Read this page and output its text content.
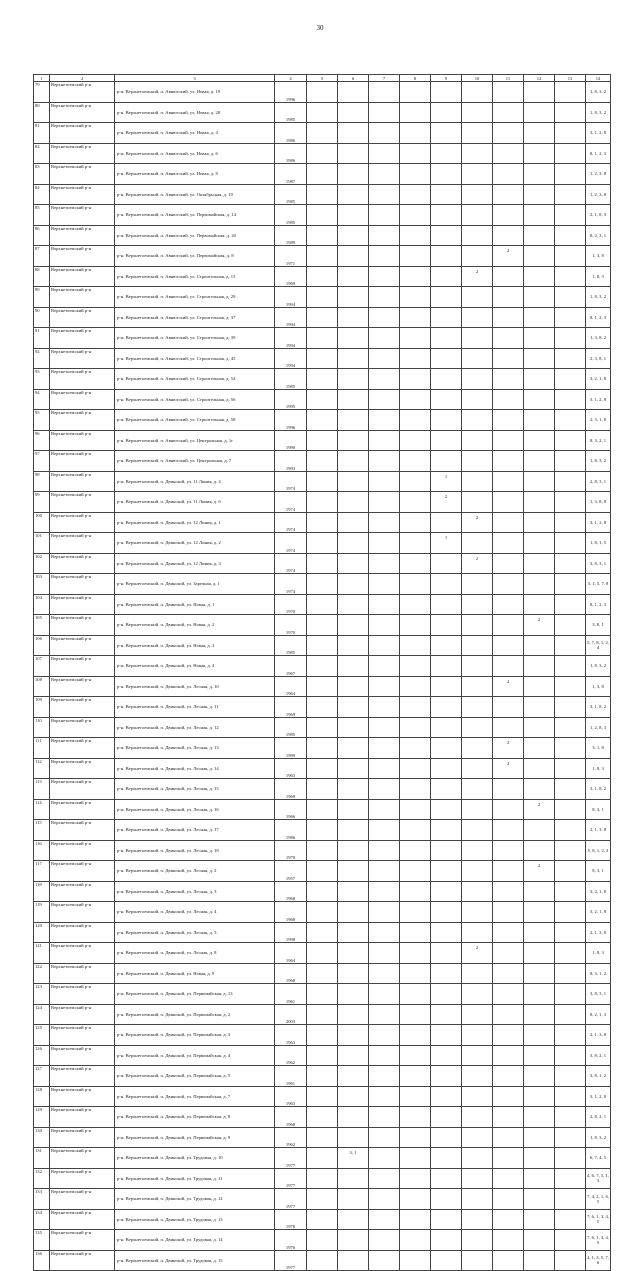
30
1	2	3	4	5	6	7	8	9	10	11	12	13	14
79	Верхнетоемский р-н	р-н. Верхнетоемский, п. Авнюгский, ул. Новая, д. 19	1996										1, 8, 3, 2
80	Верхнетоемский р-н	р-н. Верхнетоемский, п. Авнюгский, ул. Новая, д. 28	1985										1, 8, 3, 2
81	Верхнетоемский р-н	р-н. Верхнетоемский, п. Авнюгский, ул. Новая, д. 4	1986										3, 1, 2, 8
82	Верхнетоемский р-н	р-н. Верхнетоемский, п. Авнюгский, ул. Новая, д. 6	1986										8, 1, 2, 3
83	Верхнетоемский р-н	р-н. Верхнетоемский, п. Авнюгский, ул. Новая, д. 8	1987										1, 2, 3, 8
84	Верхнетоемский р-н	р-н. Верхнетоемский, п. Авнюгский, ул. Октябрьская, д. 19	1985										1, 2, 3, 8
85	Верхнетоемский р-н	р-н. Верхнетоемский, п. Авнюгский, ул. Первомайская, д. 14	1985										2, 1, 8, 3
86	Верхнетоемский р-н	р-н. Верхнетоемский, п. Авнюгский, ул. Первомайская, д. 20	1989										8, 2, 3, 1
87	Верхнетоемский р-н	р-н. Верхнетоемский, п. Авнюгский, ул. Первомайская, д. 8	1971							2			1, 3, 8
88	Верхнетоемский р-н	р-н. Верхнетоемский, п. Авнюгский, ул. Строительная, д. 15	1969						2				1, 8, 3
89	Верхнетоемский р-н	р-н. Верхнетоемский, п. Авнюгский, ул. Строительная, д. 29	1994										1, 8, 3, 2
90	Верхнетоемский р-н	р-н. Верхнетоемский, п. Авнюгский, ул. Строительная, д. 37	1994										8, 1, 2, 3
91	Верхнетоемский р-н	р-н. Верхнетоемский, п. Авнюгский, ул. Строительная, д. 39	1994										1, 3, 8, 2
92	Верхнетоемский р-н	р-н. Верхнетоемский, п. Авнюгский, ул. Строительная, д. 45	1994										2, 3, 8, 1
93	Верхнетоемский р-н	р-н. Верхнетоемский, п. Авнюгский, ул. Строительная, д. 54	1985										3, 2, 1, 8
94	Верхнетоемский р-н	р-н. Верхнетоемский, п. Авнюгский, ул. Строительная, д. 56	1995										3, 1, 2, 8
95	Верхнетоемский р-н	р-н. Верхнетоемский, п. Авнюгский, ул. Строительная, д. 58	1996										2, 3, 1, 8
96	Верхнетоемский р-н	р-н. Верхнетоемский, п. Авнюгский, ул. Центральная, д. 1г	1990										8, 3, 2, 1
97	Верхнетоемский р-н	р-н. Верхнетоемский, п. Авнюгский, ул. Центральная, д. 7	1993										1, 8, 3, 2
98	Верхнетоемский р-н	р-н. Верхнетоемский, п. Двинской, ул. 11 Линия, д. 4	1974					1					2, 8, 3, 1
99	Верхнетоемский р-н	р-н. Верхнетоемский, п. Двинской, ул. 11 Линия, д. 6	1974					2					1, 3, 8, 8
100	Верхнетоемский р-н	р-н. Верхнетоемский, п. Двинской, ул. 12 Линия, д. 1	1974						2				3, 1, 2, 8
101	Верхнетоемский р-н	р-н. Верхнетоемский, п. Двинской, ул. 12 Линия, д. 2	1974					1					1, 8, 1, 5
102	Верхнетоемский р-н	р-н. Верхнетоемский, п. Двинской, ул. 12 Линия, д. 3	1974						2				3, 8, 3, 1
103	Верхнетоемский р-н	р-н. Верхнетоемский, п. Двинской, ул. Заречная, д. 1	1974										3, 1, 5, 7, 8
104	Верхнетоемский р-н	р-н. Верхнетоемский, п. Двинской, ул. Новая, д. 1	1970										8, 1, 2, 3
105	Верхнетоемский р-н	р-н. Верхнетоемский, п. Двинской, ул. Новая, д. 2	1970								2		3, 8, 1
106	Верхнетоемский р-н	р-н. Верхнетоемский, п. Двинской, ул. Новая, д. 3	1985										5, 7, 8, 1, 2, 4
107	Верхнетоемский р-н	р-н. Верхнетоемский, п. Двинской, ул. Новая, д. 4	1967										1, 8, 3, 2
108	Верхнетоемский р-н	р-н. Верхнетоемский, п. Двинской, ул. Лесная, д. 10	1964							2			1, 3, 8
109	Верхнетоемский р-н	р-н. Верхнетоемский, п. Двинской, ул. Лесная, д. 11	1969										3, 1, 8, 2
110	Верхнетоемский р-н	р-н. Верхнетоемский, п. Двинской, ул. Лесная, д. 12	1985										1, 2, 8, 3
111	Верхнетоемский р-н	р-н. Верхнетоемский, п. Двинской, ул. Лесная, д. 13	1999							2			3, 1, 8
112	Верхнетоемский р-н	р-н. Верхнетоемский, п. Двинской, ул. Лесная, д. 14	1963							2			1, 8, 3
113	Верхнетоемский р-н	р-н. Верхнетоемский, п. Двинской, ул. Лесная, д. 15	1969										3, 1, 8, 2
114	Верхнетоемский р-н	р-н. Верхнетоемский, п. Двинской, ул. Лесная, д. 16	1966								2		8, 3, 1
115	Верхнетоемский р-н	р-н. Верхнетоемский, п. Двинской, ул. Лесная, д. 17	1986										2, 1, 3, 8
116	Верхнетоемский р-н	р-н. Верхнетоемский, п. Двинской, ул. Лесная, д. 18	1970										5, 8, 1, 2, 3
117	Верхнетоемский р-н	р-н. Верхнетоемский, п. Двинской, ул. Лесная, д. 2	1957								2		8, 3, 1
118	Верхнетоемский р-н	р-н. Верхнетоемский, п. Двинской, ул. Лесная, д. 3	1968										3, 2, 1, 8
119	Верхнетоемский р-н	р-н. Верхнетоемский, п. Двинской, ул. Лесная, д. 4	1968										3, 2, 1, 8
120	Верхнетоемский р-н	р-н. Верхнетоемский, п. Двинской, ул. Лесная, д. 5	1998										2, 1, 3, 8
121	Верхнетоемский р-н	р-н. Верхнетоемский, п. Двинской, ул. Лесная, д. 8	1964						2				1, 8, 3
122	Верхнетоемский р-н	р-н. Верхнетоемский, п. Двинской, ул. Новая, д. 9	1968										8, 3, 1, 2
123	Верхнетоемский р-н	р-н. Верхнетоемский, п. Двинской, ул. Первомайская, д. 13	1961										3, 8, 3, 1
124	Верхнетоемский р-н	р-н. Верхнетоемский, п. Двинской, ул. Первомайская, д. 2	2003										8, 2, 1, 3
125	Верхнетоемский р-н	р-н. Верхнетоемский, п. Двинской, ул. Первомайская, д. 3	1963										2, 1, 3, 8
126	Верхнетоемский р-н	р-н. Верхнетоемский, п. Двинской, ул. Первомайская, д. 4	1962										3, 8, 2, 1
127	Верхнетоемский р-н	р-н. Верхнетоемский, п. Двинской, ул. Первомайская, д. 5	1961										3, 8, 1, 2
128	Верхнетоемский р-н	р-н. Верхнетоемский, п. Двинской, ул. Первомайская, д. 7	1963										3, 1, 2, 8
129	Верхнетоемский р-н	р-н. Верхнетоемский, п. Двинской, ул. Первомайская, д. 8	1968										2, 8, 2, 1
130	Верхнетоемский р-н	р-н. Верхнетоемский, п. Двинской, ул. Первомайская, д. 9	1962										1, 8, 3, 2
131	Верхнетоемский р-н	р-н. Верхнетоемский, п. Двинской, ул. Трудовая, д. 10	1977		3, 1								6, 7, 4, 5
132	Верхнетоемский р-н	р-н. Верхнетоемский, п. Двинской, ул. Трудовая, д. 11	1977										4, 6, 7, 5, 1, 3
133	Верхнетоемский р-н	р-н. Верхнетоемский, п. Двинской, ул. Трудовая, д. 12	1977										7, 4, 2, 1, 6, 5
134	Верхнетоемский р-н	р-н. Верхнетоемский, п. Двинской, ул. Трудовая, д. 13	1978										7, 6, 1, 3, 4, 5
135	Верхнетоемский р-н	р-н. Верхнетоемский, п. Двинской, ул. Трудовая, д. 14	1976										7, 6, 1, 3, 4, 5
136	Верхнетоемский р-н	р-н. Верхнетоемский, п. Двинской, ул. Трудовая, д. 15	1977										4, 1, 3, 5, 7, 6
